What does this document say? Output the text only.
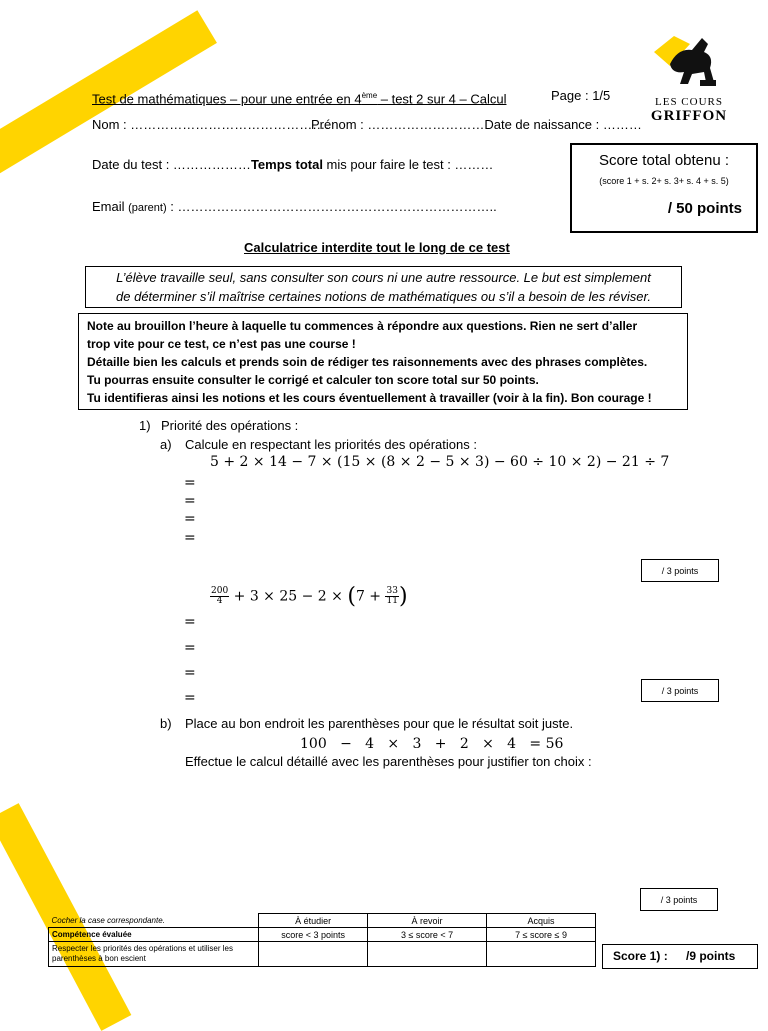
LES COURS
GRIFFON
Test de mathématiques – pour une entrée en 4ème – test 2 sur 4 – Calcul	Page : 1/5
Nom : ……………………………………….
Prénom : ………………………Date de naissance : ………
Date du test : ………………Temps total mis pour faire le test : ………
Email (parent) : ………………………………………………………………..
Score total obtenu :
(score 1 + s. 2+ s. 3+ s. 4 + s. 5)
/ 50 points
Calculatrice interdite tout le long de ce test
L’élève travaille seul, sans consulter son cours ni une autre ressource. Le but est simplement
de déterminer s’il maîtrise certaines notions de mathématiques ou s’il a besoin de les réviser.
Note au brouillon l’heure à laquelle tu commences à répondre aux questions. Rien ne sert d’aller
trop vite pour ce test, ce n’est pas une course !
Détaille bien les calculs et prends soin de rédiger tes raisonnements avec des phrases complètes.
Tu pourras ensuite consulter le corrigé et calculer ton score total sur 50 points.
Tu identifieras ainsi les notions et les cours éventuellement à travailler (voir à la fin). Bon courage !
1) Priorité des opérations :
a) Calcule en respectant les priorités des opérations :
5 + 2 × 14 − 7 × (15 × (8 × 2 − 5 × 3) − 60 ÷ 10 × 2) − 21 ÷ 7
=
=
=
=
/ 3 points
$\frac{200}{4} + 3 \times 25 - 2 \times (7 + \frac{33}{11}$ )
=
=
=
=	/ 3 points
b) Place au bon endroit les parenthèses pour que le résultat soit juste.
100   −   4   ×   3   +   2   ×   4   = 56
Effectue le calcul détaillé avec les parenthèses pour justifier ton choix :
/ 3 points
Cocher la case correspondante.	À étudier	À revoir	Acquis
Compétence évaluée	score < 3 points	3 ≤ score < 7	7 ≤ score ≤ 9
Respecter les priorités des opérations et utiliser les parenthèses à bon escient				Score 1) : /9 points
